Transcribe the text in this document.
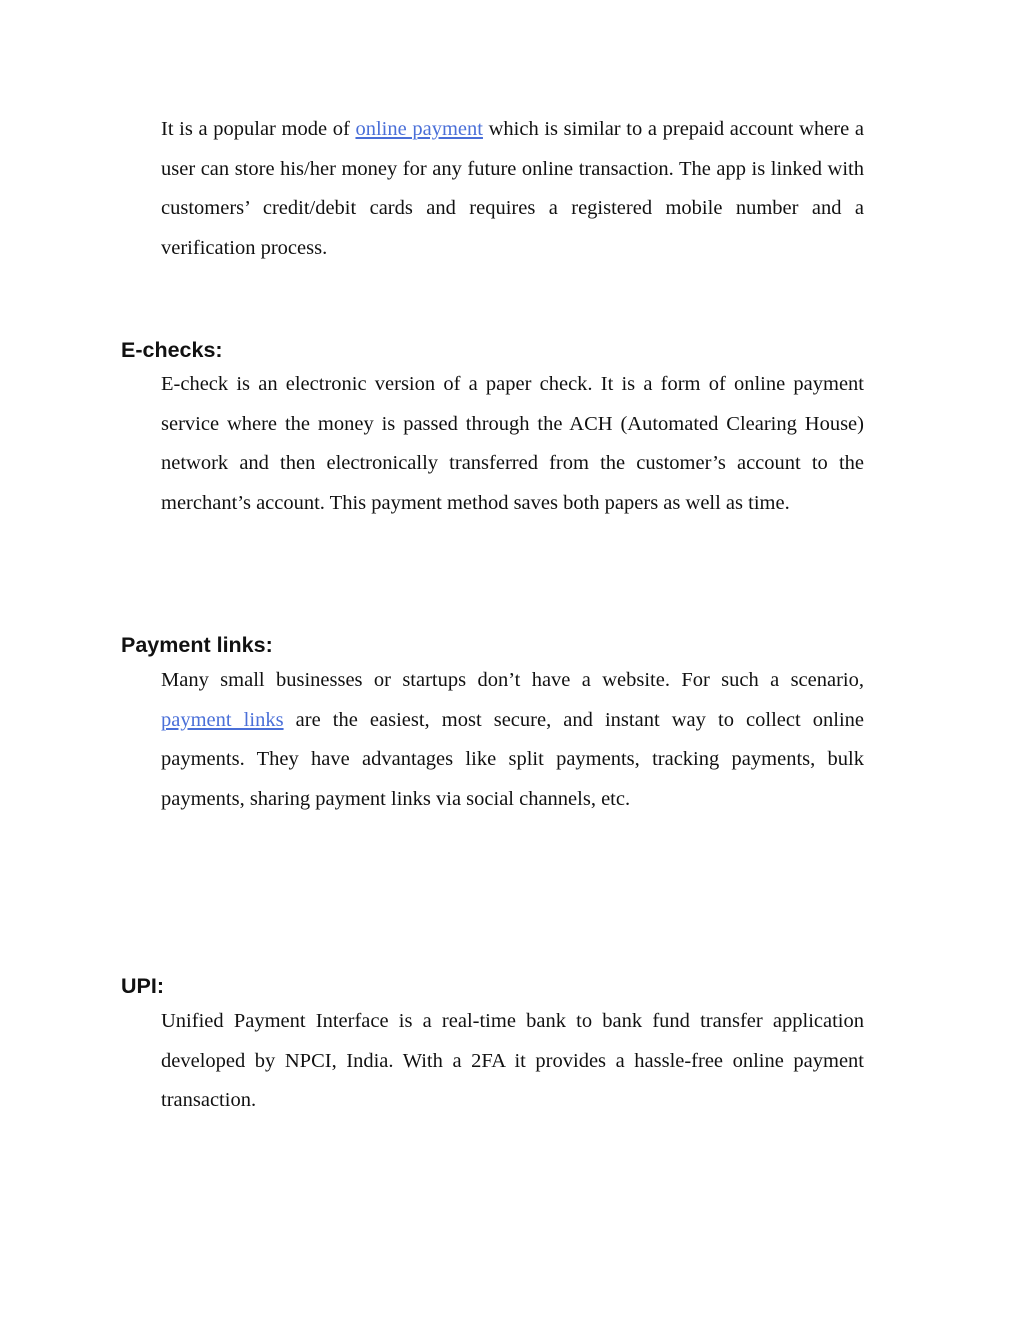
It is a popular mode of online payment which is similar to a prepaid account where a user can store his/her money for any future online transaction. The app is linked with customers’ credit/debit cards and requires a registered mobile number and a verification process.

E-checks:

E-check is an electronic version of a paper check. It is a form of online payment service where the money is passed through the ACH (Automated Clearing House) network and then electronically transferred from the customer’s account to the merchant’s account. This payment method saves both papers as well as time.

Payment links:

Many small businesses or startups don’t have a website. For such a scenario, payment links are the easiest, most secure, and instant way to collect online payments. They have advantages like split payments, tracking payments, bulk payments, sharing payment links via social channels, etc.

UPI:

Unified Payment Interface is a real-time bank to bank fund transfer application developed by NPCI, India. With a 2FA it provides a hassle-free online payment transaction.
